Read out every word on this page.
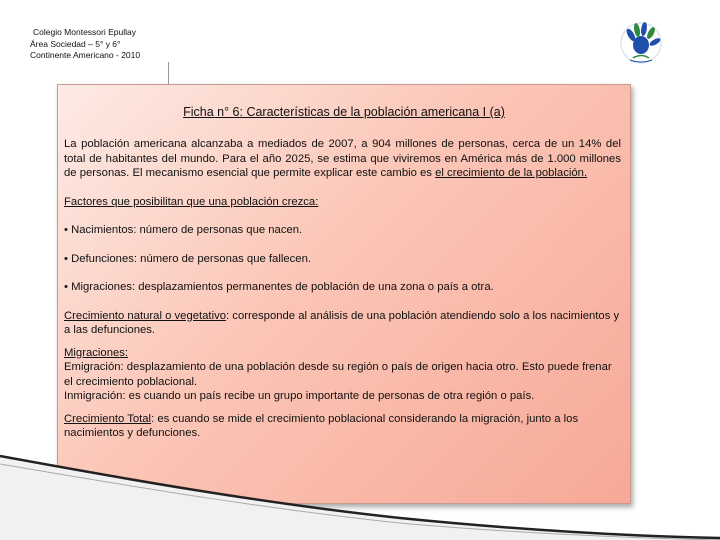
Colegio Montessori Epullay
Área Sociedad – 5° y 6°
Continente Americano - 2010
Ficha n° 6: Características de la población americana I (a)

La población americana alcanzaba a mediados de 2007, a 904 millones de personas, cerca de un 14% del total de habitantes del mundo. Para el año 2025, se estima que viviremos en América más de 1.000 millones de personas. El mecanismo esencial que permite explicar este cambio es el crecimiento de la población.

Factores que posibilitan que una población crezca:

• Nacimientos: número de personas que nacen.

• Defunciones: número de personas que fallecen.

• Migraciones: desplazamientos permanentes de población de una zona o país a otra.

Crecimiento natural o vegetativo: corresponde al análisis de una población atendiendo solo a los nacimientos y a las defunciones.

Migraciones:

Emigración: desplazamiento de una población desde su región o país de origen hacia otro. Esto puede frenar el crecimiento poblacional.

Inmigración: es cuando un país recibe un grupo importante de personas de otra región o país.

Crecimiento Total: es cuando se mide el crecimiento poblacional considerando la migración, junto a los nacimientos y defunciones.
